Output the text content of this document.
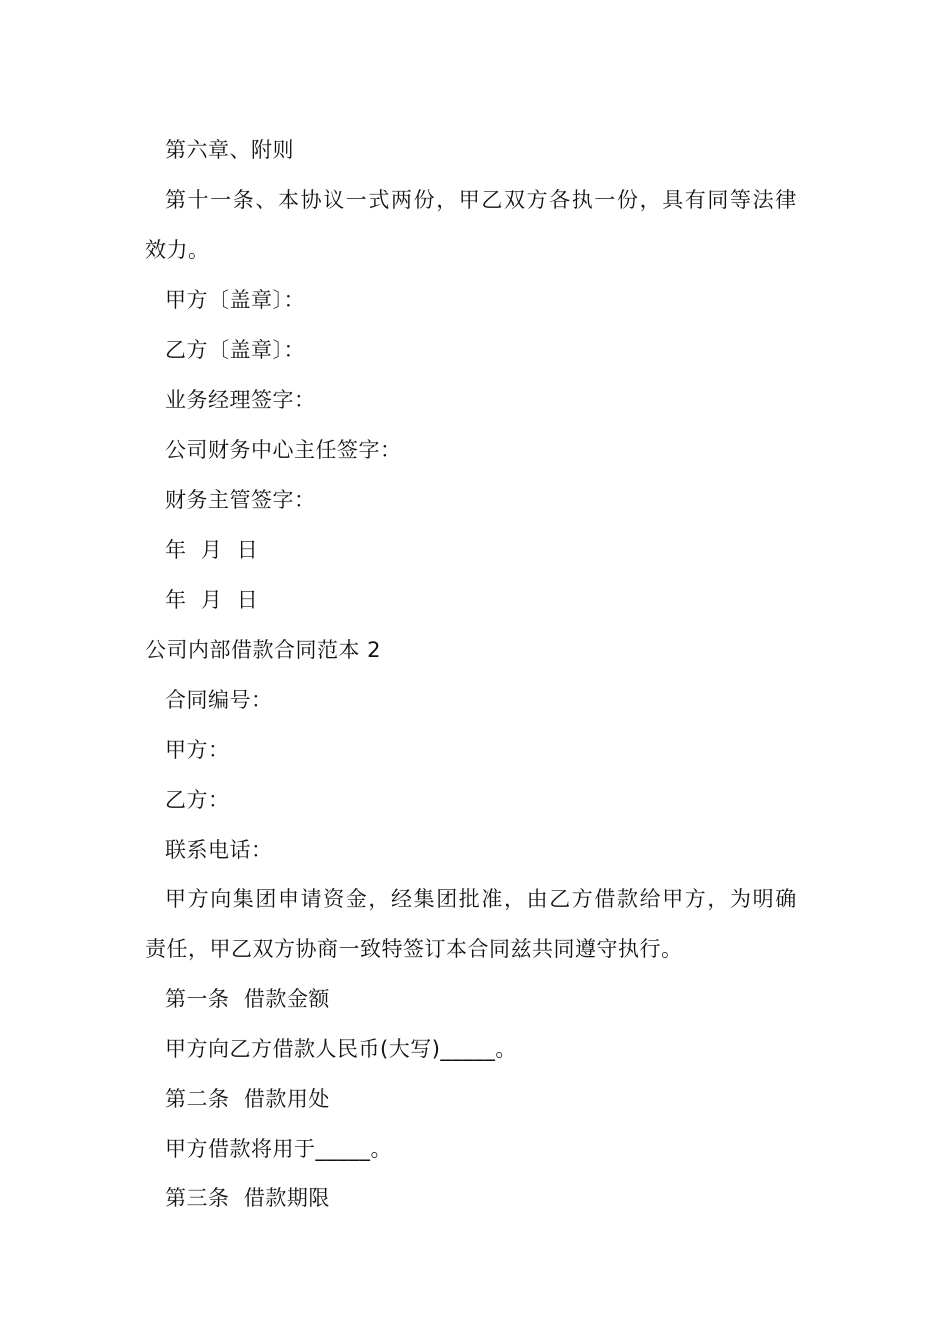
第六章、附则
第十一条、本协议一式两份，甲乙双方各执一份，具有同等法律
效力。
甲方〔盖章〕：
乙方〔盖章〕：
业务经理签字：
公司财务中心主任签字：
财务主管签字：
年  月  日
年  月  日
公司内部借款合同范本 2
合同编号：
甲方：
乙方：
联系电话：
甲方向集团申请资金，经集团批准，由乙方借款给甲方，为明确
责任，甲乙双方协商一致特签订本合同兹共同遵守执行。
第一条  借款金额
甲方向乙方借款人民币(大写)_____。
第二条  借款用处
甲方借款将用于_____。
第三条  借款期限
